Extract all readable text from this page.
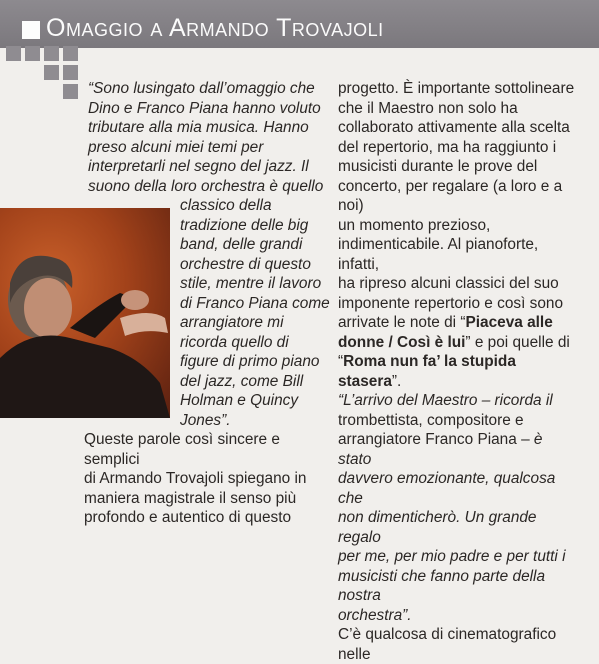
Omaggio a Armando Trovajoli

“Sono lusingato dall’omaggio che

Dino e Franco Piana hanno voluto

tributare alla mia musica. Hanno

preso alcuni miei temi per

interpretarli nel segno del jazz. Il

suono della loro orchestra è quello

classico della

tradizione delle big

band, delle grandi

orchestre di questo

stile, mentre il lavoro

di Franco Piana come

arrangiatore mi

ricorda quello di

figure di primo piano

del jazz, come Bill

Holman e Quincy

Jones”.

Queste parole così sincere e semplici

di Armando Trovajoli spiegano in

maniera magistrale il senso più

profondo e autentico di questo

progetto. È importante sottolineare

che il Maestro non solo ha

collaborato attivamente alla scelta

del repertorio, ma ha raggiunto i

musicisti durante le prove del

concerto, per regalare (a loro e a noi)

un momento prezioso,

indimenticabile. Al pianoforte, infatti,

ha ripreso alcuni classici del suo

imponente repertorio e così sono

arrivate le note di “Piaceva alle

donne / Così è lui” e poi quelle di

“Roma nun fa’ la stupida stasera”.

“L’arrivo del Maestro – ricorda il

trombettista, compositore e

arrangiatore Franco Piana – è stato

davvero emozionante, qualcosa che

non dimenticherò. Un grande regalo

per me, per mio padre e per tutti i

musicisti che fanno parte della nostra

orchestra”.

C’è qualcosa di cinematografico nelle
